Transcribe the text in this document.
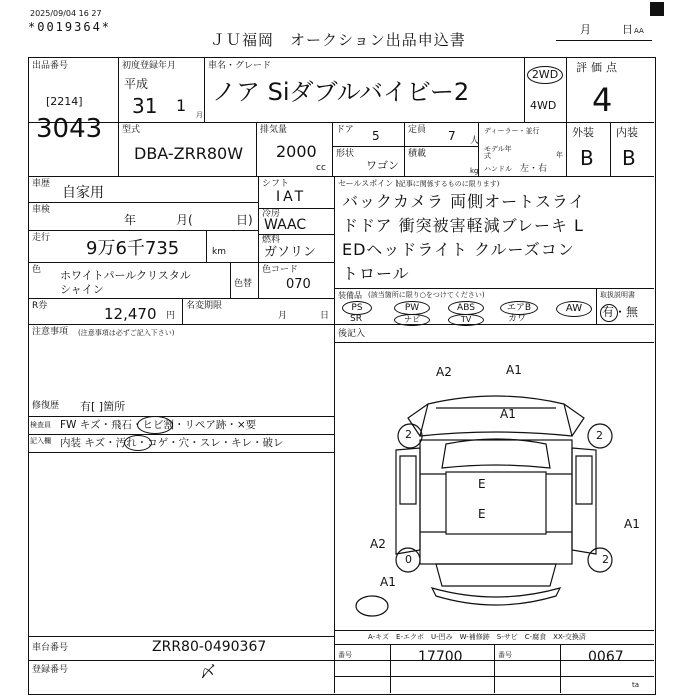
2025/09/04 16 27
*0019364*
ＪＵ福岡　オークション出品申込書
月	日 AA
出品番号
[2214]
3043
初度登録年月
平成
31 1 月
車名・グレード
ノア Siダブルバイビー2
2WD
4WD
評価点
4
外装 内装
B B
型式
DBA-ZRR80W
排気量
2000
cc
ドア 5
形状
ワゴン
定員 7 人
積載
kg
ディーラー・並行
モデル年式	年
ハンドル 左・右
車歴
自家用
車検
年	月(	日)
走行 9万6千735	km
色 ホワイトパールクリスタル
シャイン	色替
シフト
IAT
冷房
WAAC
燃料
ガソリン
色コード
070
R券	12,470 円
名変期限
月	日
注意事項 (注意事項は必ずご記入下さい)
修復歴 有[ ]箇所
検査員 FW キズ・飛石・ヒビ割・リペア跡・×要
記入欄 内装 キズ・汚れ・コゲ・穴・スレ・キレ・破レ
セールスポイント
(記事に関係するものに限ります)
バックカメラ 両側オートスライ
ドドア 衝突被害軽減ブレーキ L
EDヘッドライト クルーズコン
トロール
装備品 (該当箇所に限り○をつけてください)
PS	PW	ABS	エアB	AW
SR	ナビ	TV	カワ
取扱説明書
有・無
後記入
A2	A1
A1
2	2
E
E
A1
A2
A1
2
0
A-キズ　E-エクボ　U-凹み　W-補修跡　S-サビ　C-腐食　XX-交換済
車台番号	ZRR80-0490367
登録番号	〆
番号	17700	番号	0067
ta
